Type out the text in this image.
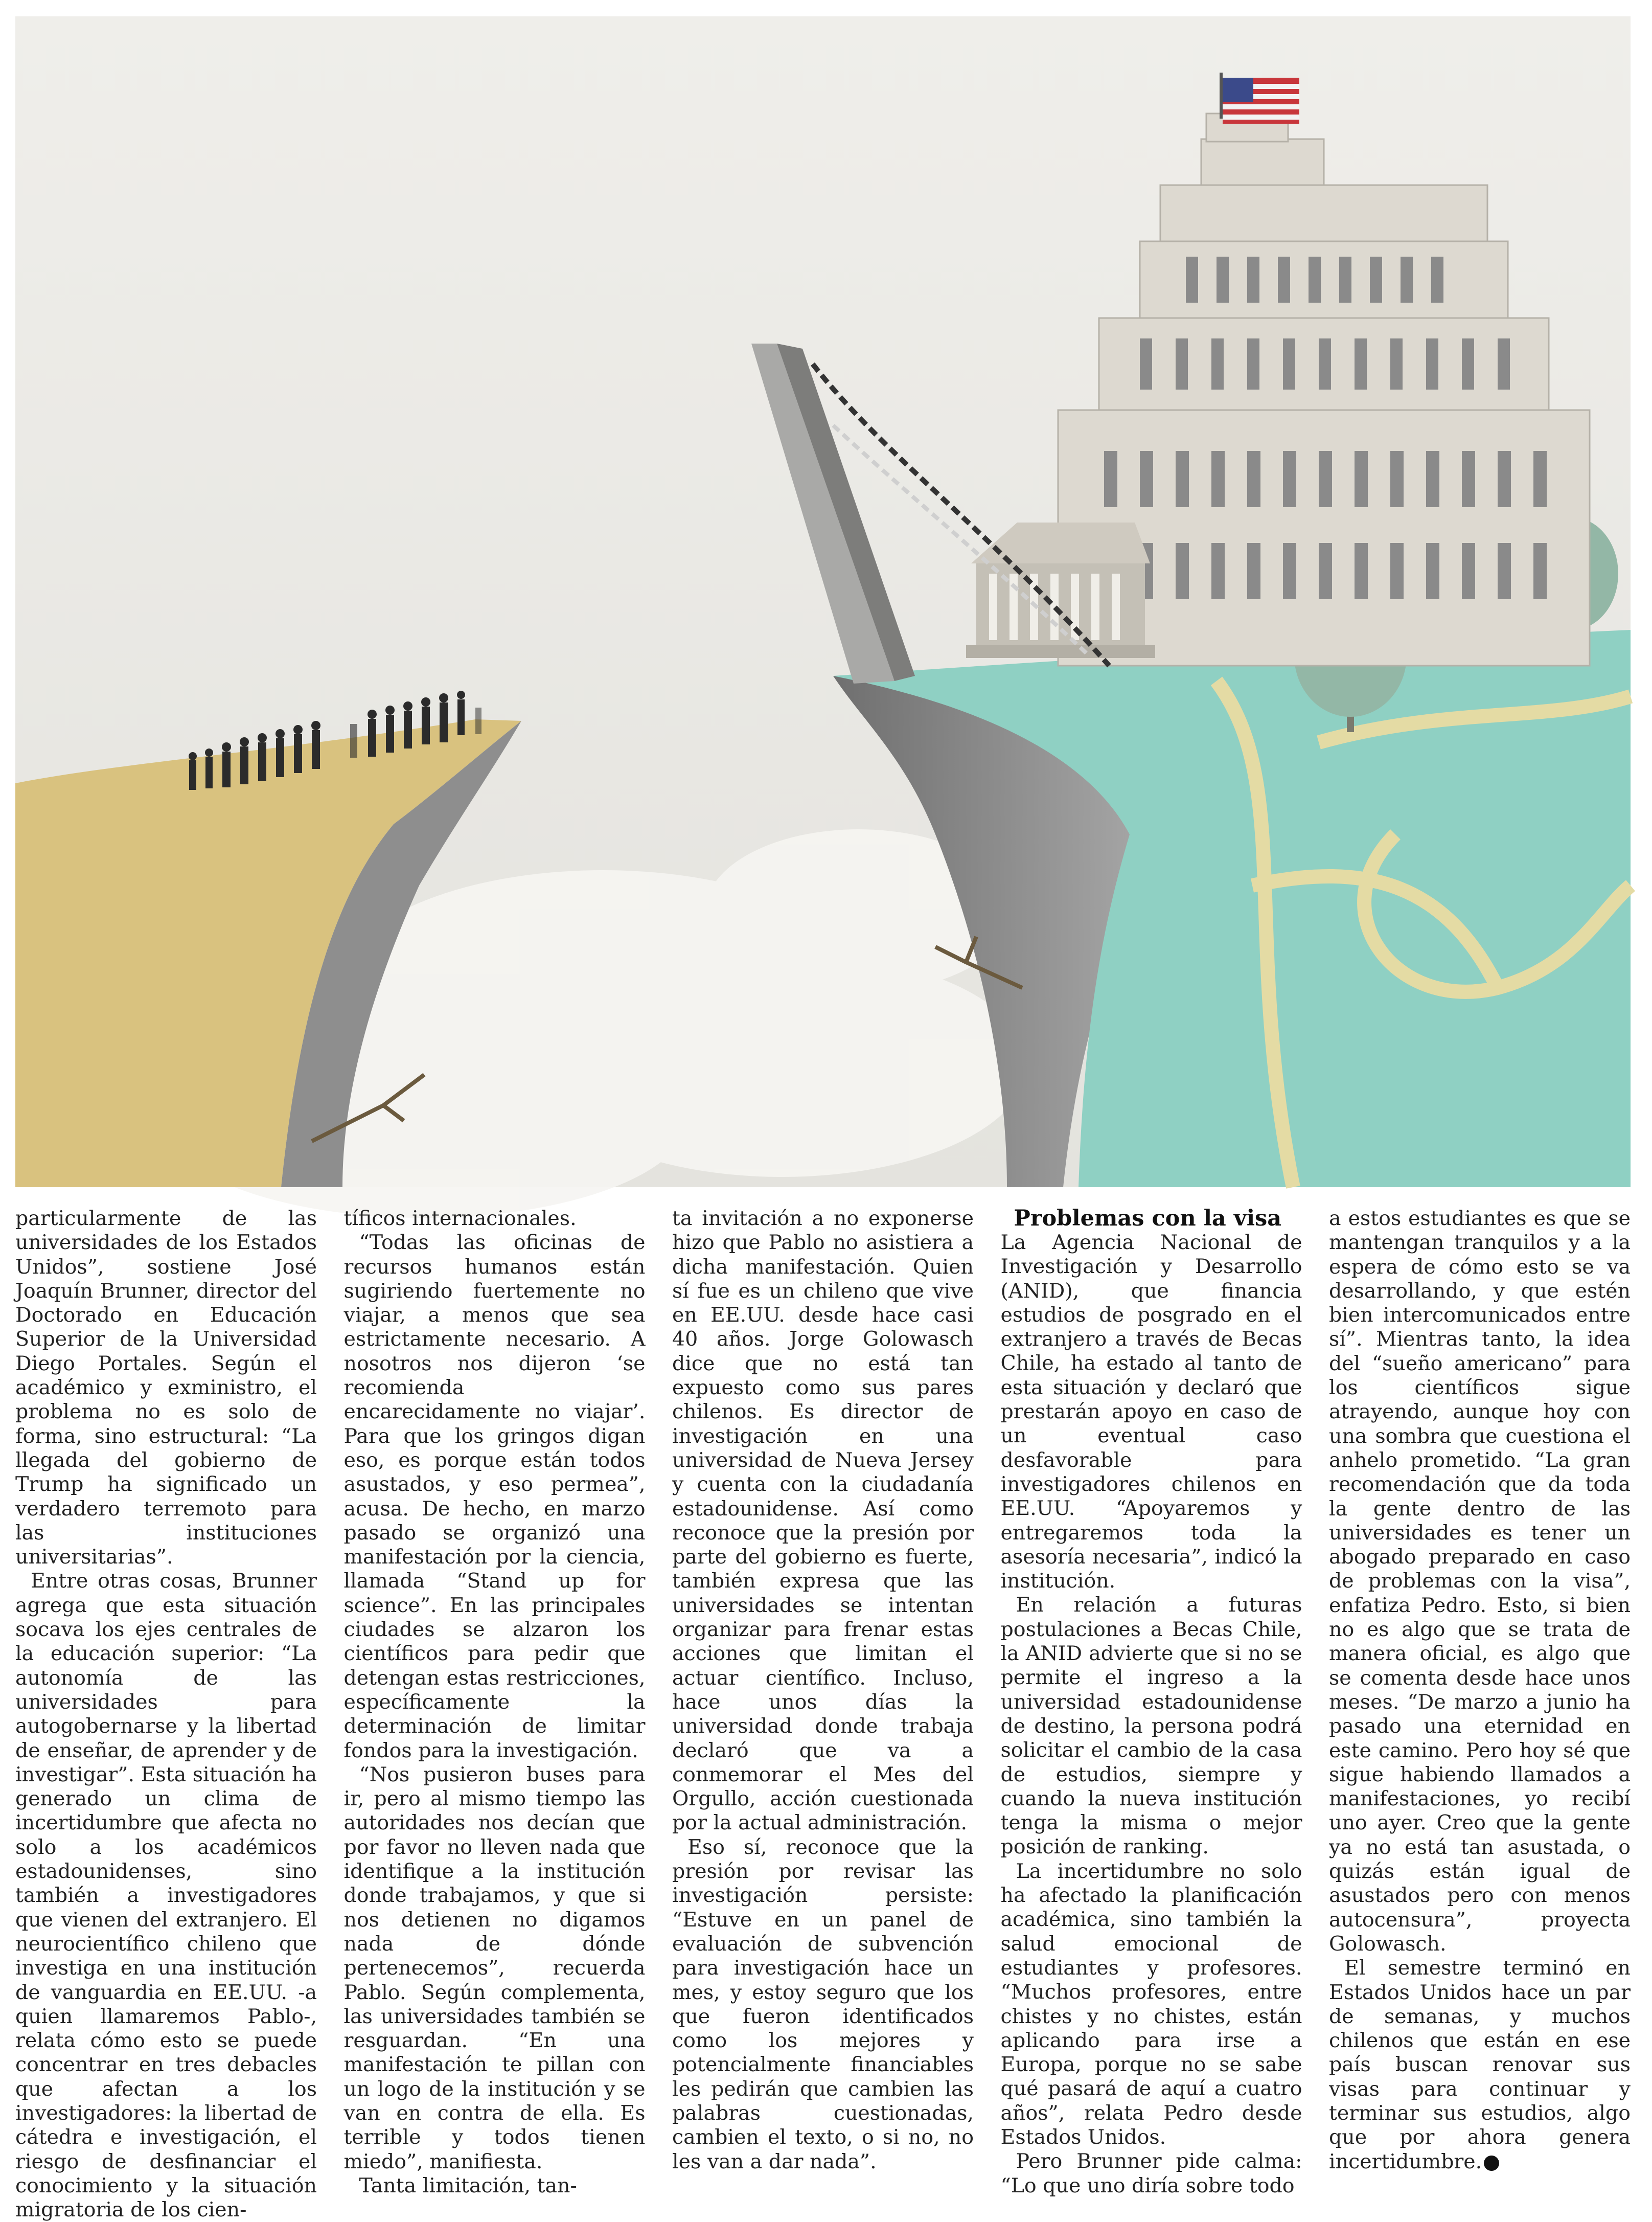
particularmente de las universidades de los Estados Unidos”, sostiene José Joaquín Brunner, director del Doctorado en Educación Superior de la Universidad Diego Portales. Según el académico y exministro, el problema no es solo de forma, sino estructural: “La llegada del gobierno de Trump ha significado un verdadero terremoto para las instituciones universitarias”.

Entre otras cosas, Brunner agrega que esta situación socava los ejes centrales de la educación superior: “La autonomía de las universidades para autogobernarse y la libertad de enseñar, de aprender y de investigar”. Esta situación ha generado un clima de incertidumbre que afecta no solo a los académicos estadounidenses, sino también a investigadores que vienen del extranjero. El neurocientífico chileno que investiga en una institución de vanguardia en EE.UU. -a quien llamaremos Pablo-, relata cómo esto se puede concentrar en tres debacles que afectan a los investigadores: la libertad de cátedra e investigación, el riesgo de desfinanciar el conocimiento y la situación migratoria de los cien-

tíficos internacionales.

“Todas las oficinas de recursos humanos están sugiriendo fuertemente no viajar, a menos que sea estrictamente necesario. A nosotros nos dijeron ‘se recomienda encarecidamente no viajar’. Para que los gringos digan eso, es porque están todos asustados, y eso permea”, acusa. De hecho, en marzo pasado se organizó una manifestación por la ciencia, llamada “Stand up for science”. En las principales ciudades se alzaron los científicos para pedir que detengan estas restricciones, específicamente la determinación de limitar fondos para la investigación.

“Nos pusieron buses para ir, pero al mismo tiempo las autoridades nos decían que por favor no lleven nada que identifique a la institución donde trabajamos, y que si nos detienen no digamos nada de dónde pertenecemos”, recuerda Pablo. Según complementa, las universidades también se resguardan. “En una manifestación te pillan con un logo de la institución y se van en contra de ella. Es terrible y todos tienen miedo”, manifiesta.

Tanta limitación, tan-

ta invitación a no exponerse hizo que Pablo no asistiera a dicha manifestación. Quien sí fue es un chileno que vive en EE.UU. desde hace casi 40 años. Jorge Golowasch dice que no está tan expuesto como sus pares chilenos. Es director de investigación en una universidad de Nueva Jersey y cuenta con la ciudadanía estadounidense. Así como reconoce que la presión por parte del gobierno es fuerte, también expresa que las universidades se intentan organizar para frenar estas acciones que limitan el actuar científico. Incluso, hace unos días la universidad donde trabaja declaró que va a conmemorar el Mes del Orgullo, acción cuestionada por la actual administración.

Eso sí, reconoce que la presión por revisar las investigación persiste: “Estuve en un panel de evaluación de subvención para investigación hace un mes, y estoy seguro que los que fueron identificados como los mejores y potencialmente financiables les pedirán que cambien las palabras cuestionadas, cambien el texto, o si no, no les van a dar nada”.

Problemas con la visa

La Agencia Nacional de Investigación y Desarrollo (ANID), que financia estudios de posgrado en el extranjero a través de Becas Chile, ha estado al tanto de esta situación y declaró que prestarán apoyo en caso de un eventual caso desfavorable para investigadores chilenos en EE.UU. “Apoyaremos y entregaremos toda la asesoría necesaria”, indicó la institución.

En relación a futuras postulaciones a Becas Chile, la ANID advierte que si no se permite el ingreso a la universidad estadounidense de destino, la persona podrá solicitar el cambio de la casa de estudios, siempre y cuando la nueva institución tenga la misma o mejor posición de ranking.

La incertidumbre no solo ha afectado la planificación académica, sino también la salud emocional de estudiantes y profesores. “Muchos profesores, entre chistes y no chistes, están aplicando para irse a Europa, porque no se sabe qué pasará de aquí a cuatro años”, relata Pedro desde Estados Unidos.

Pero Brunner pide calma: “Lo que uno diría sobre todo

a estos estudiantes es que se mantengan tranquilos y a la espera de cómo esto se va desarrollando, y que estén bien intercomunicados entre sí”. Mientras tanto, la idea del “sueño americano” para los científicos sigue atrayendo, aunque hoy con una sombra que cuestiona el anhelo prometido. “La gran recomendación que da toda la gente dentro de las universidades es tener un abogado preparado en caso de problemas con la visa”, enfatiza Pedro. Esto, si bien no es algo que se trata de manera oficial, es algo que se comenta desde hace unos meses. “De marzo a junio ha pasado una eternidad en este camino. Pero hoy sé que sigue habiendo llamados a manifestaciones, yo recibí uno ayer. Creo que la gente ya no está tan asustada, o quizás están igual de asustados pero con menos autocensura”, proyecta Golowasch.

El semestre terminó en Estados Unidos hace un par de semanas, y muchos chilenos que están en ese país buscan renovar sus visas para continuar y terminar sus estudios, algo que por ahora genera incertidumbre.
